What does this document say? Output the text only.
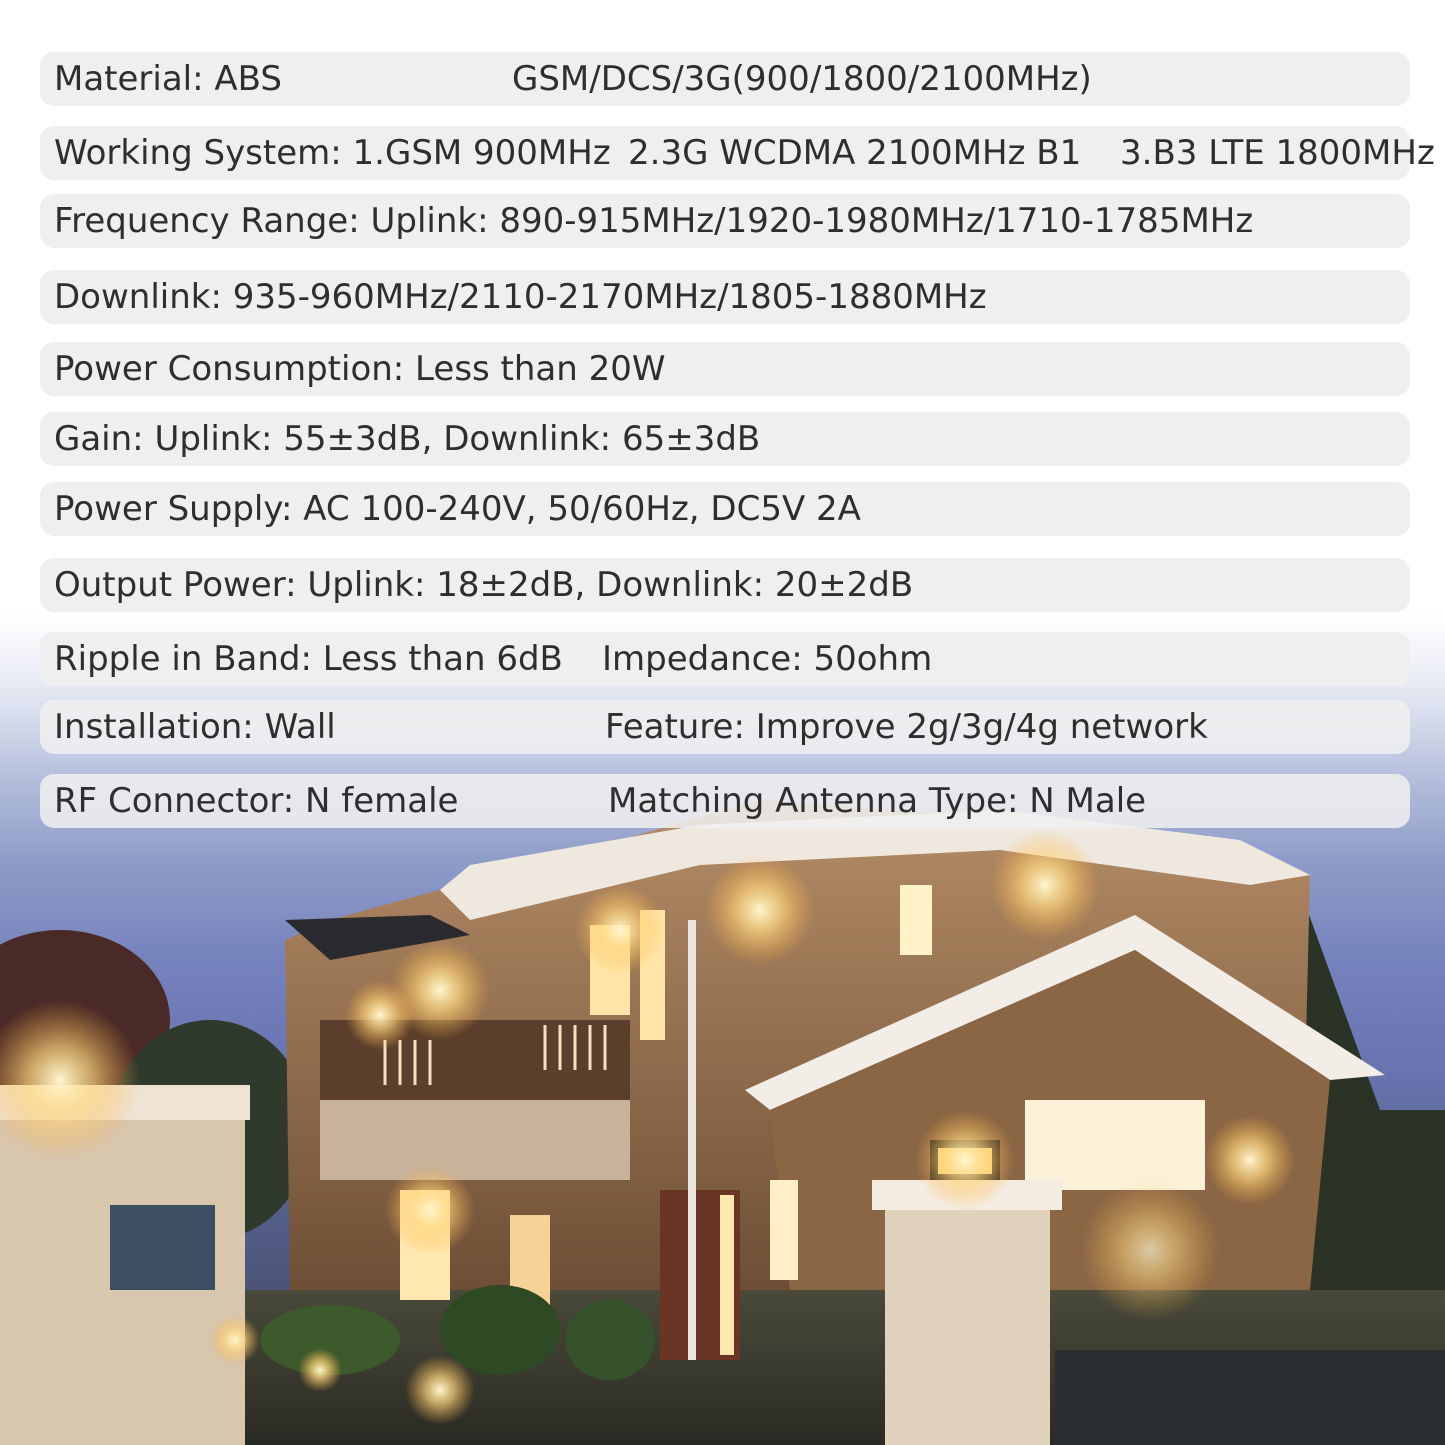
Material: ABS	GSM/DCS/3G(900/1800/2100MHz)
Working System: 1.GSM 900MHz 2.3G WCDMA 2100MHz B1 3.B3 LTE 1800MHz
Frequency Range: Uplink: 890-915MHz/1920-1980MHz/1710-1785MHz
Downlink: 935-960MHz/2110-2170MHz/1805-1880MHz
Power Consumption: Less than 20W
Gain: Uplink: 55±3dB, Downlink: 65±3dB
Power Supply: AC 100-240V, 50/60Hz, DC5V 2A
Output Power: Uplink: 18±2dB, Downlink: 20±2dB
Ripple in Band: Less than 6dB Impedance: 50ohm
Installation: Wall	Feature: Improve 2g/3g/4g network
RF Connector: N female	Matching Antenna Type: N Male
